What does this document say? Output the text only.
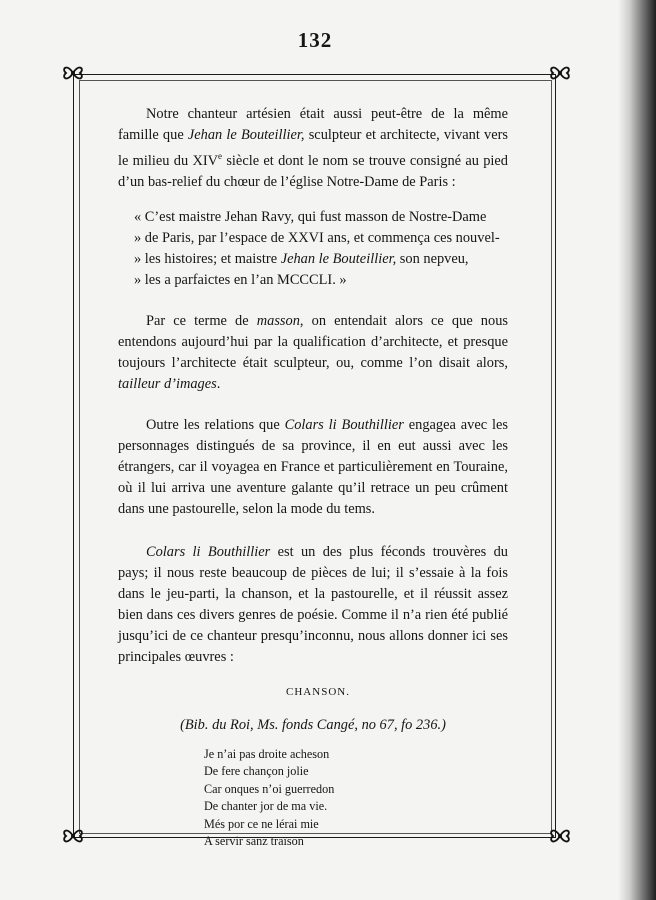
132

Notre chanteur artésien était aussi peut-être de la même famille que Jehan le Bouteillier, sculpteur et architecte, vivant vers le milieu du XIVe siècle et dont le nom se trouve consigné au pied d’un bas-relief du chœur de l’église Notre-Dame de Paris :

« C’est maistre Jehan Ravy, qui fust masson de Nostre-Dame
» de Paris, par l’espace de XXVI ans, et commença ces nouvel-
» les histoires; et maistre Jehan le Bouteillier, son nepveu,
» les a parfaictes en l’an MCCCLI. »

Par ce terme de masson, on entendait alors ce que nous entendons aujourd’hui par la qualification d’architecte, et presque toujours l’architecte était sculpteur, ou, comme l’on disait alors, tailleur d’images.

Outre les relations que Colars li Bouthillier engagea avec les personnages distingués de sa province, il en eut aussi avec les étrangers, car il voyagea en France et particulièrement en Touraine, où il lui arriva une aventure galante qu’il retrace un peu crûment dans une pastourelle, selon la mode du tems.

Colars li Bouthillier est un des plus féconds trouvères du pays; il nous reste beaucoup de pièces de lui; il s’essaie à la fois dans le jeu-parti, la chanson, et la pastourelle, et il réussit assez bien dans ces divers genres de poésie. Comme il n’a rien été publié jusqu’ici de ce chanteur presqu’inconnu, nous allons donner ici ses principales œuvres :

CHANSON.
(Bib. du Roi, Ms. fonds Cangé, no 67, fo 236.)
Je n’ai pas droite acheson
De fere chançon jolie
Car onques n’oi guerredon
De chanter jor de ma vie.
Més por ce ne lérai mie
A servir sanz traïson
